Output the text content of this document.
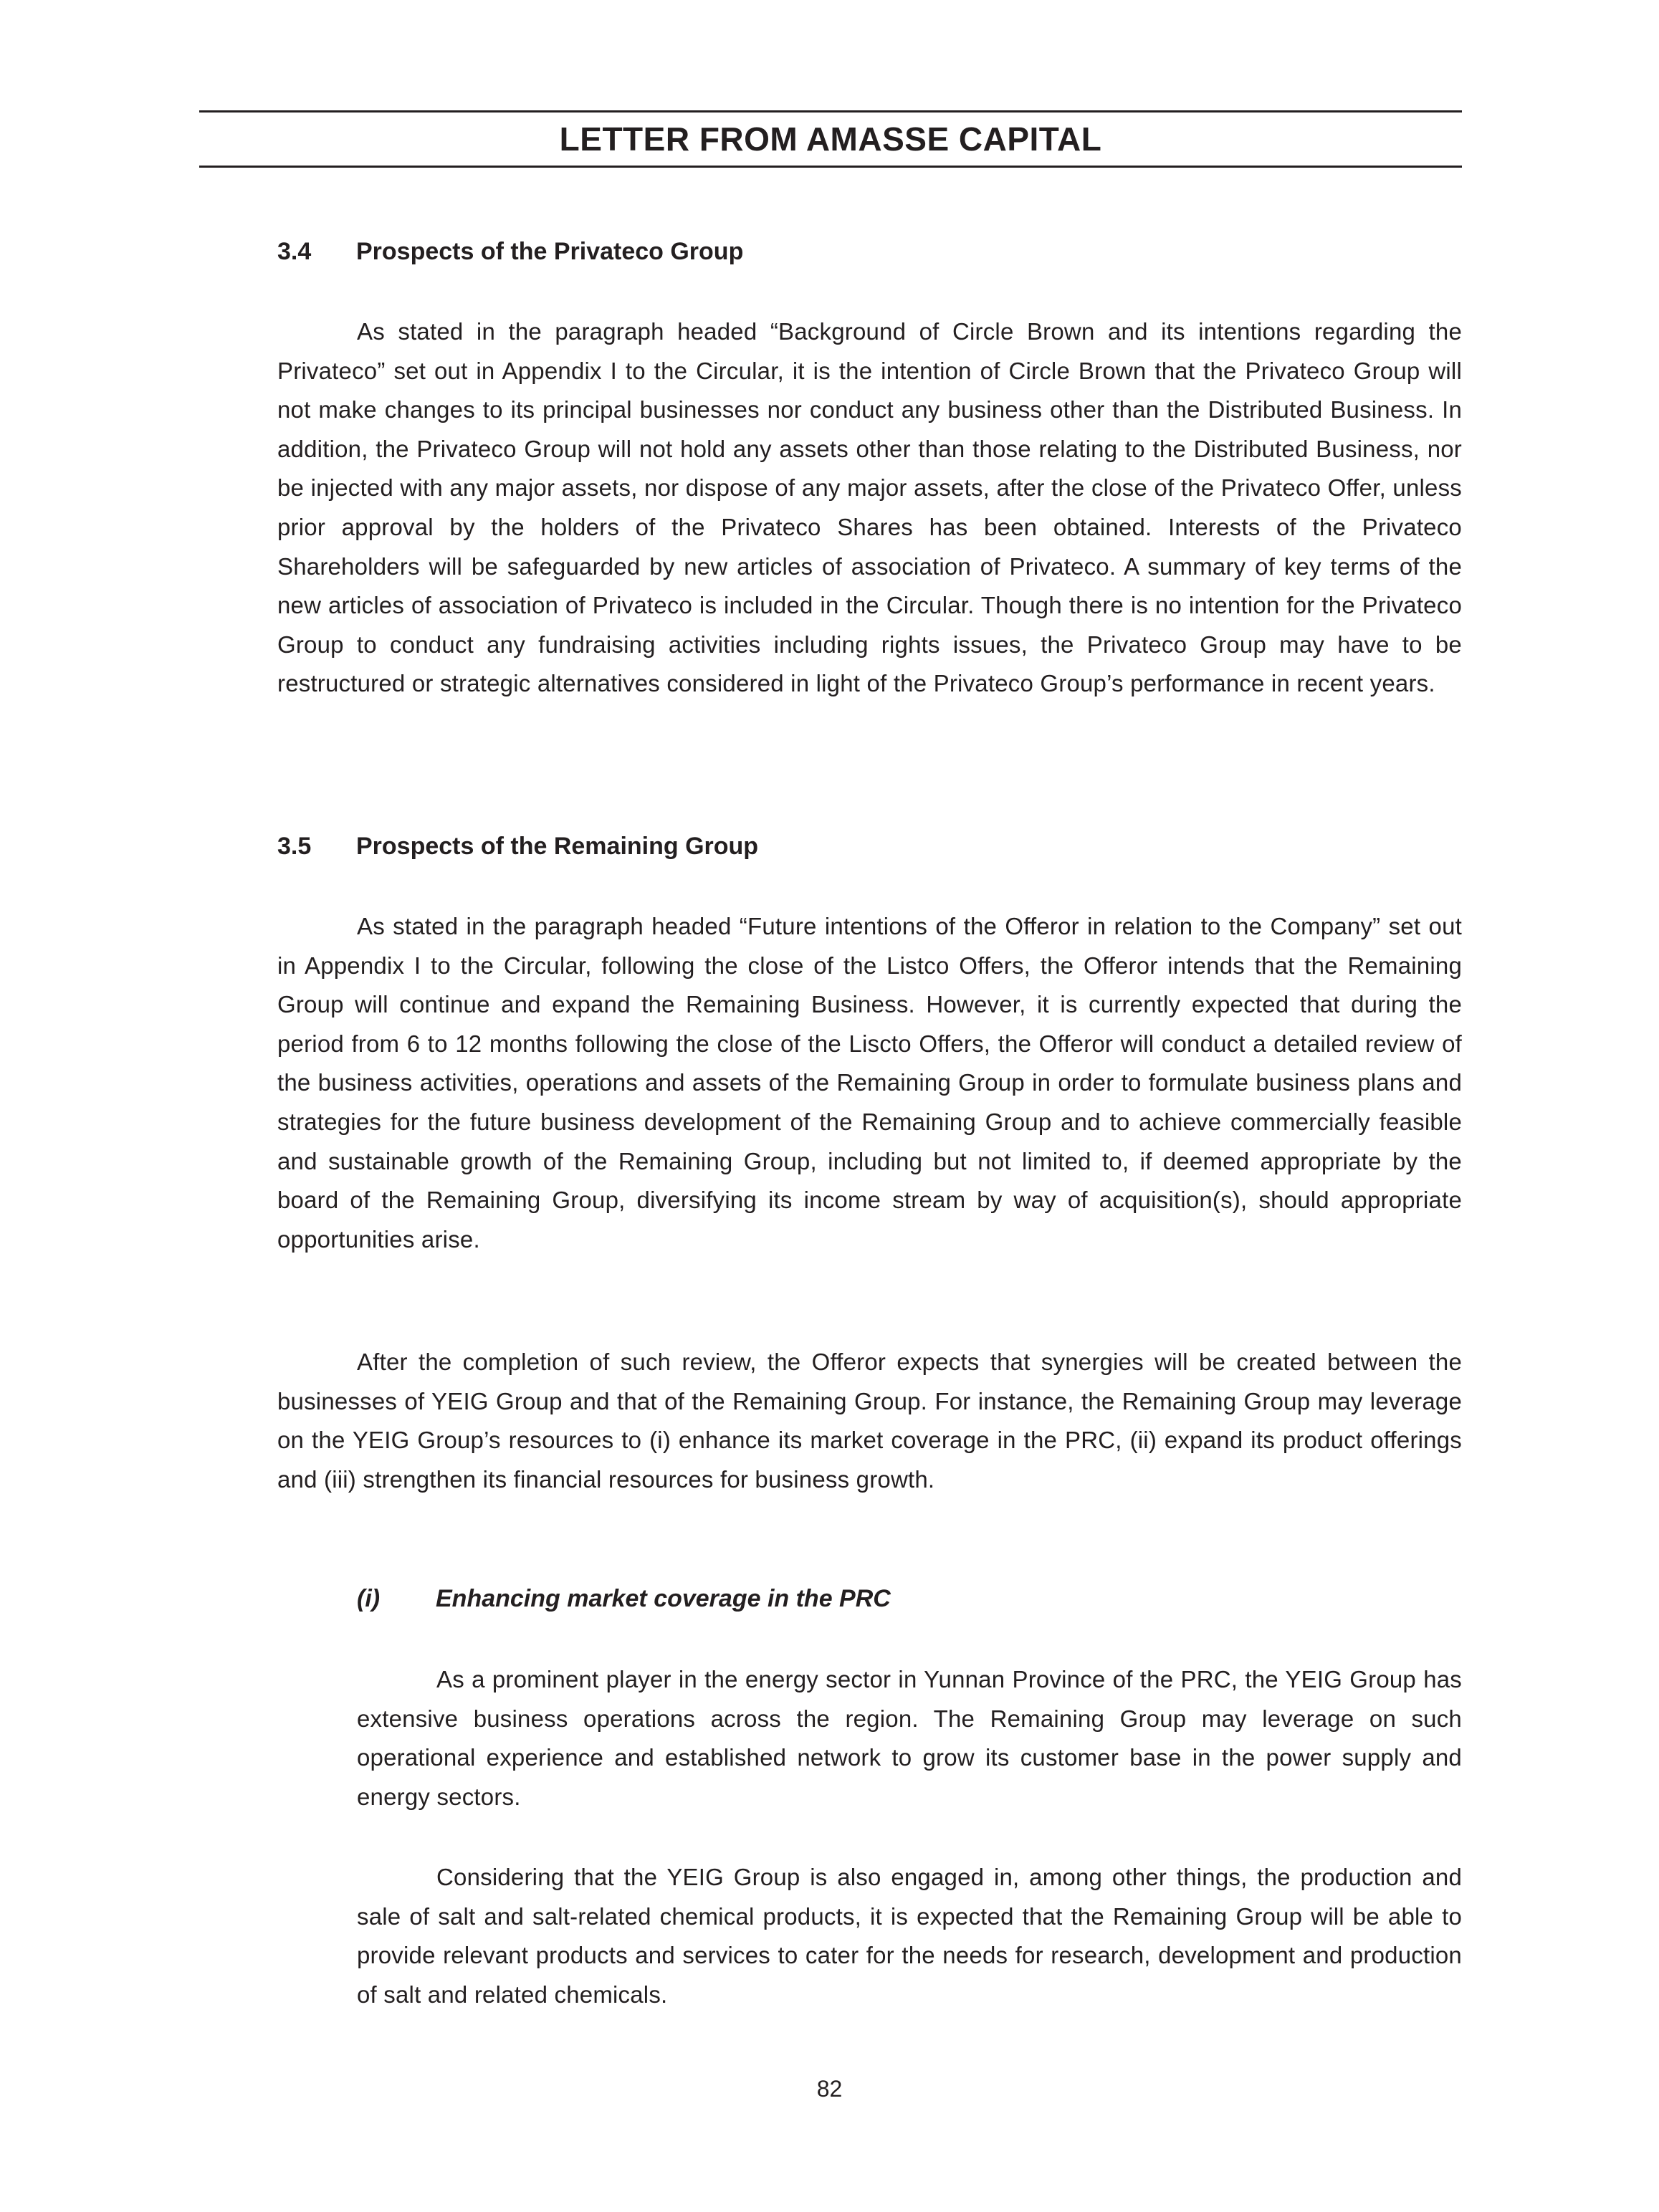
LETTER FROM AMASSE CAPITAL
3.4	Prospects of the Privateco Group

As stated in the paragraph headed “Background of Circle Brown and its intentions regarding the Privateco” set out in Appendix I to the Circular, it is the intention of Circle Brown that the Privateco Group will not make changes to its principal businesses nor conduct any business other than the Distributed Business. In addition, the Privateco Group will not hold any assets other than those relating to the Distributed Business, nor be injected with any major assets, nor dispose of any major assets, after the close of the Privateco Offer, unless prior approval by the holders of the Privateco Shares has been obtained. Interests of the Privateco Shareholders will be safeguarded by new articles of association of Privateco. A summary of key terms of the new articles of association of Privateco is included in the Circular. Though there is no intention for the Privateco Group to conduct any fundraising activities including rights issues, the Privateco Group may have to be restructured or strategic alternatives considered in light of the Privateco Group’s performance in recent years.

3.5	Prospects of the Remaining Group

As stated in the paragraph headed “Future intentions of the Offeror in relation to the Company” set out in Appendix I to the Circular, following the close of the Listco Offers, the Offeror intends that the Remaining Group will continue and expand the Remaining Business. However, it is currently expected that during the period from 6 to 12 months following the close of the Liscto Offers, the Offeror will conduct a detailed review of the business activities, operations and assets of the Remaining Group in order to formulate business plans and strategies for the future business development of the Remaining Group and to achieve commercially feasible and sustainable growth of the Remaining Group, including but not limited to, if deemed appropriate by the board of the Remaining Group, diversifying its income stream by way of acquisition(s), should appropriate opportunities arise.

After the completion of such review, the Offeror expects that synergies will be created between the businesses of YEIG Group and that of the Remaining Group. For instance, the Remaining Group may leverage on the YEIG Group’s resources to (i) enhance its market coverage in the PRC, (ii) expand its product offerings and (iii) strengthen its financial resources for business growth.

(i)	Enhancing market coverage in the PRC

As a prominent player in the energy sector in Yunnan Province of the PRC, the YEIG Group has extensive business operations across the region. The Remaining Group may leverage on such operational experience and established network to grow its customer base in the power supply and energy sectors.

Considering that the YEIG Group is also engaged in, among other things, the production and sale of salt and salt-related chemical products, it is expected that the Remaining Group will be able to provide relevant products and services to cater for the needs for research, development and production of salt and related chemicals.

82
